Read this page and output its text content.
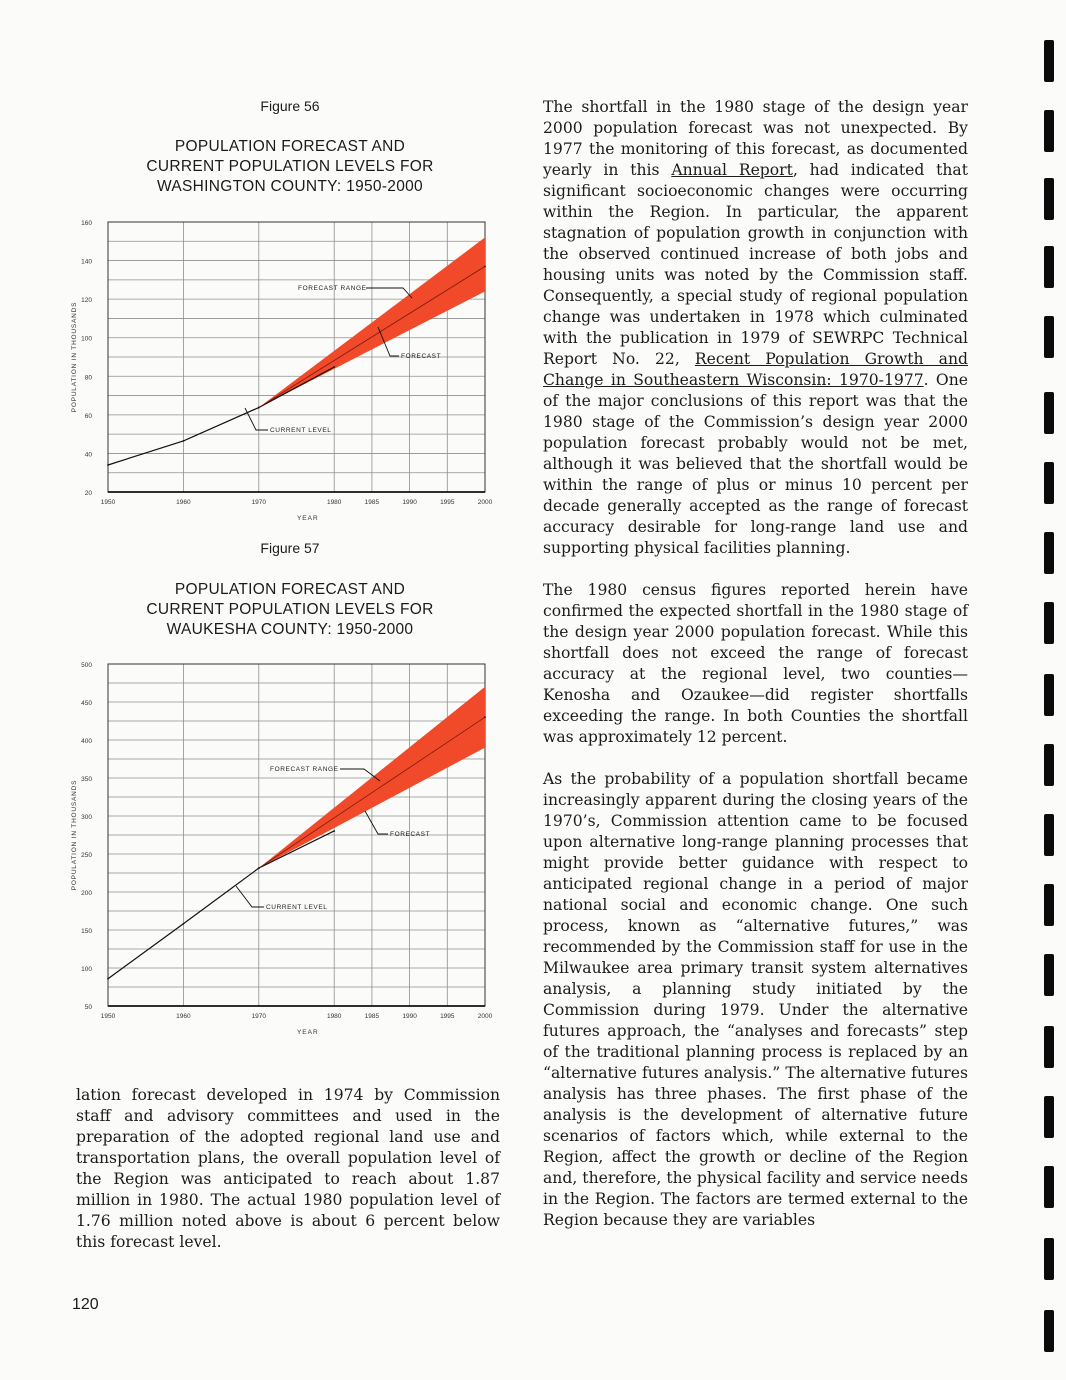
Figure 56
POPULATION FORECAST AND
CURRENT POPULATION LEVELS FOR
WASHINGTON COUNTY: 1950-2000
20
40
60
80
100
120
140
160
1950	1960	1970	1980	1985	1990	1995	2000
YEAR
POPULATION IN THOUSANDS
FORECAST RANGE
FORECAST
CURRENT LEVEL
Figure 57
POPULATION FORECAST AND
CURRENT POPULATION LEVELS FOR
WAUKESHA COUNTY: 1950-2000
50
100
150
200
250
300
350
400
450
500
1950	1960	1970	1980	1985	1990	1995	2000
YEAR
POPULATION IN THOUSANDS
FORECAST RANGE
FORECAST
CURRENT LEVEL

lation forecast developed in 1974 by Commission staff and advisory committees and used in the preparation of the adopted regional land use and transportation plans, the overall population level of the Region was anticipated to reach about 1.87 million in 1980. The actual 1980 population level of 1.76 million noted above is about 6 percent below this forecast level.

The shortfall in the 1980 stage of the design year 2000 population forecast was not unexpected. By 1977 the monitoring of this forecast, as documented yearly in this Annual Report, had indicated that significant socioeconomic changes were occurring within the Region. In particular, the apparent stagnation of population growth in conjunction with the observed continued increase of both jobs and housing units was noted by the Commission staff. Consequently, a special study of regional population change was undertaken in 1978 which culminated with the publication in 1979 of SEWRPC Technical Report No. 22, Recent Population Growth and Change in Southeastern Wisconsin: 1970-1977. One of the major conclusions of this report was that the 1980 stage of the Commission’s design year 2000 population forecast probably would not be met, although it was believed that the shortfall would be within the range of plus or minus 10 percent per decade generally accepted as the range of forecast accuracy desirable for long-range land use and supporting physical facilities planning.

The 1980 census figures reported herein have confirmed the expected shortfall in the 1980 stage of the design year 2000 population forecast. While this shortfall does not exceed the range of forecast accuracy at the regional level, two counties— Kenosha and Ozaukee—did register shortfalls exceeding the range. In both Counties the shortfall was approximately 12 percent.

As the probability of a population shortfall became increasingly apparent during the closing years of the 1970’s, Commission attention came to be focused upon alternative long-range planning processes that might provide better guidance with respect to anticipated regional change in a period of major national social and economic change. One such process, known as “alternative futures,” was recommended by the Commission staff for use in the Milwaukee area primary transit system alternatives analysis, a planning study initiated by the Commission during 1979. Under the alternative futures approach, the “analyses and forecasts” step of the traditional planning process is replaced by an “alternative futures analysis.” The alternative futures analysis has three phases. The first phase of the analysis is the development of alternative future scenarios of factors which, while external to the Region, affect the growth or decline of the Region and, therefore, the physical facility and service needs in the Region. The factors are termed external to the Region because they are variables

120
